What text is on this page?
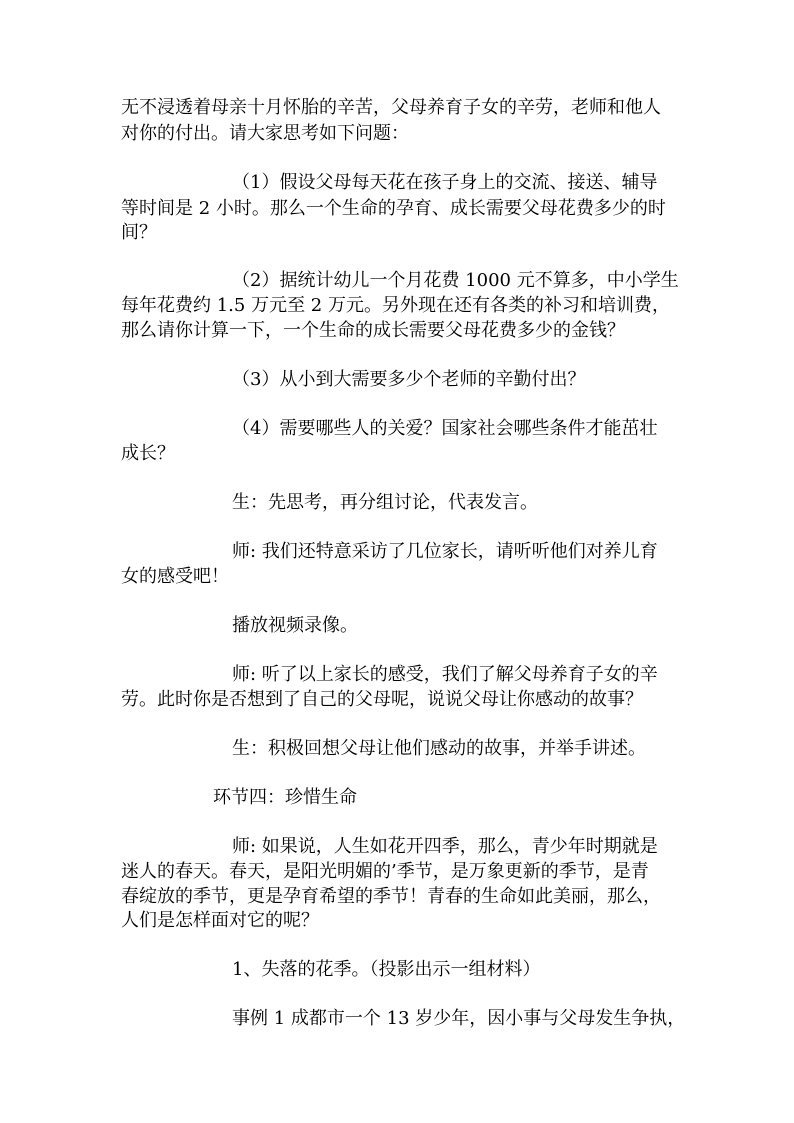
无不浸透着母亲十月怀胎的辛苦，父母养育子女的辛劳，老师和他人
对你的付出。请大家思考如下问题：
（1）假设父母每天花在孩子身上的交流、接送、辅导
等时间是 2 小时。那么一个生命的孕育、成长需要父母花费多少的时
间？
（2）据统计幼儿一个月花费 1000 元不算多，中小学生
每年花费约 1.5 万元至 2 万元。另外现在还有各类的补习和培训费，
那么请你计算一下，一个生命的成长需要父母花费多少的金钱？
（3）从小到大需要多少个老师的辛勤付出？
（4）需要哪些人的关爱？国家社会哪些条件才能茁壮
成长？
生：先思考，再分组讨论，代表发言。
师: 我们还特意采访了几位家长，请听听他们对养儿育
女的感受吧！
播放视频录像。
师: 听了以上家长的感受，我们了解父母养育子女的辛
劳。此时你是否想到了自己的父母呢，说说父母让你感动的故事？
生：积极回想父母让他们感动的故事，并举手讲述。
环节四：珍惜生命
师: 如果说，人生如花开四季，那么，青少年时期就是
迷人的春天。春天，是阳光明媚的’季节，是万象更新的季节，是青
春绽放的季节，更是孕育希望的季节！青春的生命如此美丽，那么，
人们是怎样面对它的呢？
1、失落的花季。（投影出示一组材料）
事例 1 成都市一个 13 岁少年，因小事与父母发生争执，
